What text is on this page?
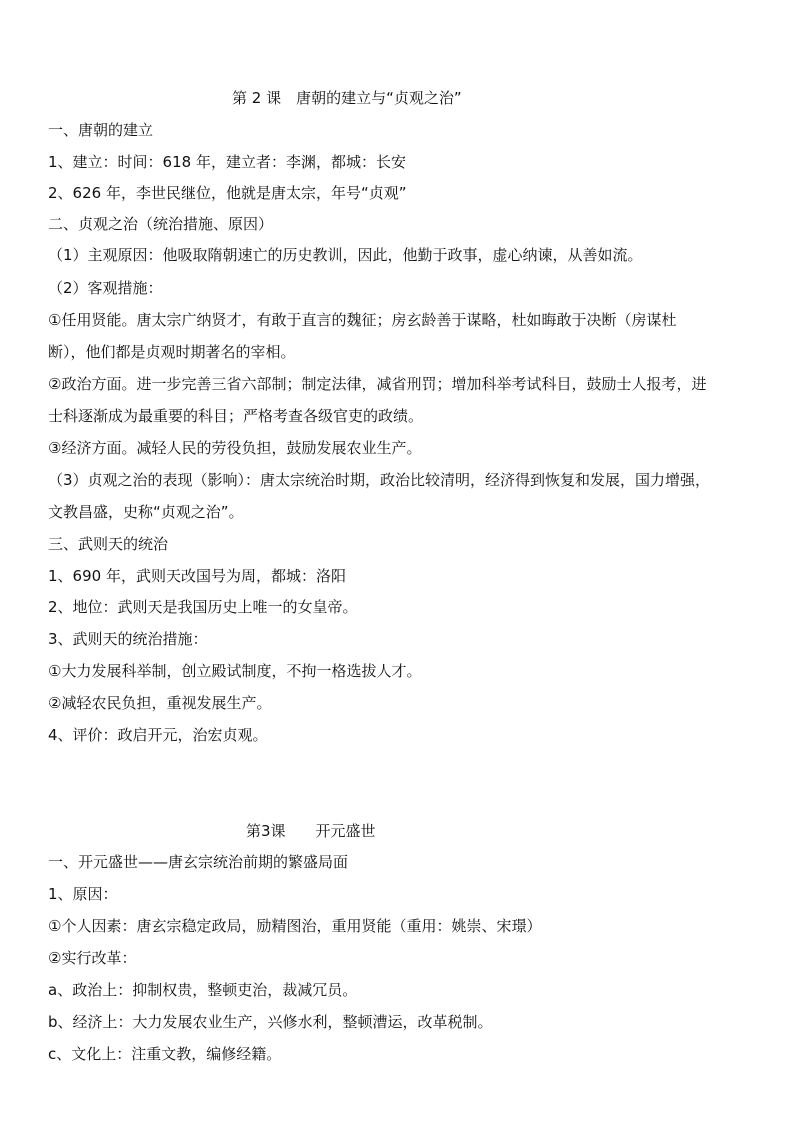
第 2 课　唐朝的建立与“贞观之治”
一、唐朝的建立
1、建立：时间：618 年，建立者：李渊，都城：长安
2、626 年，李世民继位，他就是唐太宗，年号“贞观”
二、贞观之治（统治措施、原因）
（1）主观原因：他吸取隋朝速亡的历史教训，因此，他勤于政事，虚心纳谏，从善如流。
（2）客观措施：
①任用贤能。唐太宗广纳贤才，有敢于直言的魏征；房玄龄善于谋略，杜如晦敢于决断（房谋杜
断），他们都是贞观时期著名的宰相。
②政治方面。进一步完善三省六部制；制定法律，减省刑罚；增加科举考试科目，鼓励士人报考，进
士科逐渐成为最重要的科目；严格考查各级官吏的政绩。
③经济方面。减轻人民的劳役负担，鼓励发展农业生产。
（3）贞观之治的表现（影响）：唐太宗统治时期，政治比较清明，经济得到恢复和发展，国力增强，
文教昌盛，史称“贞观之治”。
三、武则天的统治
1、690 年，武则天改国号为周，都城：洛阳
2、地位：武则天是我国历史上唯一的女皇帝。
3、武则天的统治措施：
①大力发展科举制，创立殿试制度，不拘一格选拔人才。
②减轻农民负担，重视发展生产。
4、评价：政启开元，治宏贞观。
第3课　　开元盛世
一、开元盛世——唐玄宗统治前期的繁盛局面
1、原因：
①个人因素：唐玄宗稳定政局，励精图治，重用贤能（重用：姚崇、宋璟）
②实行改革：
a、政治上：抑制权贵，整顿吏治，裁减冗员。
b、经济上：大力发展农业生产，兴修水利，整顿漕运，改革税制。
c、文化上：注重文教，编修经籍。
